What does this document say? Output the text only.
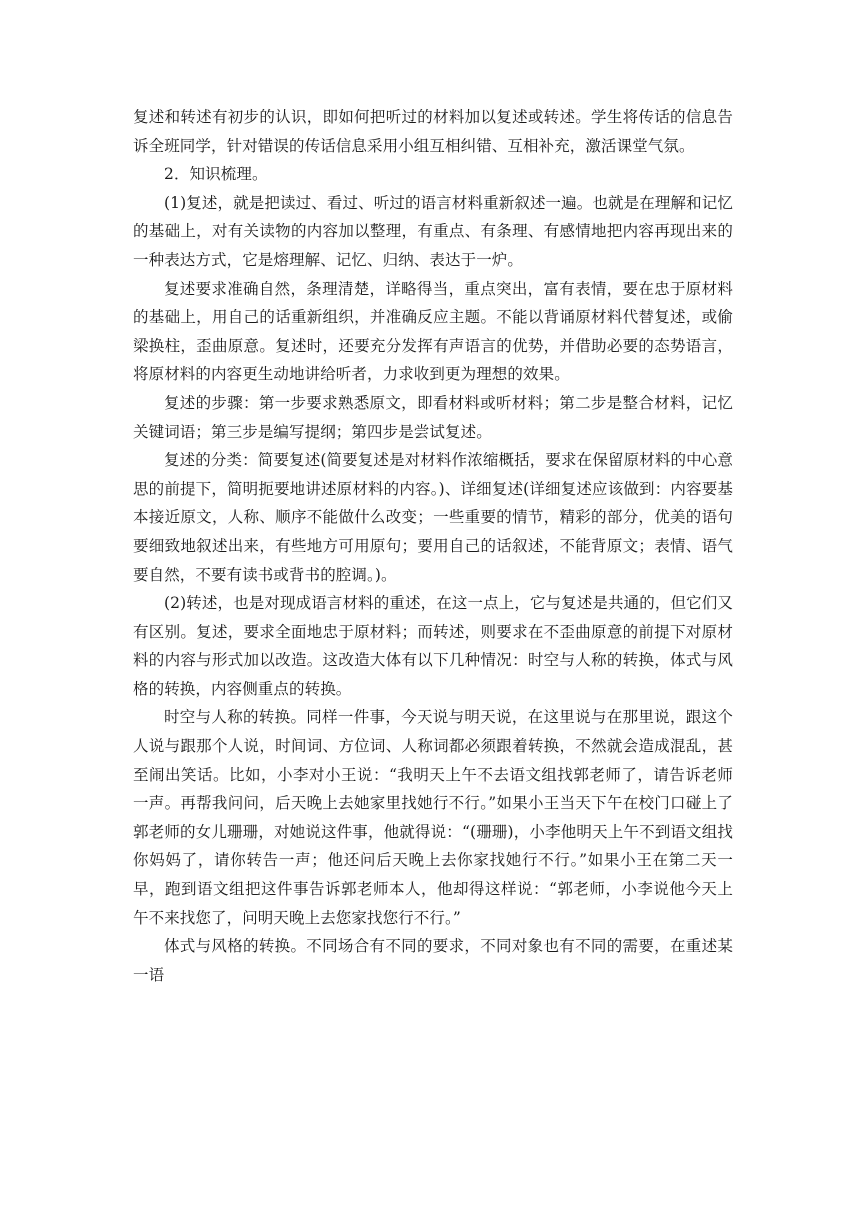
复述和转述有初步的认识，即如何把听过的材料加以复述或转述。学生将传话的信息告诉全班同学，针对错误的传话信息采用小组互相纠错、互相补充，激活课堂气氛。

2．知识梳理。

(1)复述，就是把读过、看过、听过的语言材料重新叙述一遍。也就是在理解和记忆的基础上，对有关读物的内容加以整理，有重点、有条理、有感情地把内容再现出来的一种表达方式，它是熔理解、记忆、归纳、表达于一炉。

复述要求准确自然，条理清楚，详略得当，重点突出，富有表情，要在忠于原材料的基础上，用自己的话重新组织，并准确反应主题。不能以背诵原材料代替复述，或偷梁换柱，歪曲原意。复述时，还要充分发挥有声语言的优势，并借助必要的态势语言，将原材料的内容更生动地讲给听者，力求收到更为理想的效果。

复述的步骤：第一步要求熟悉原文，即看材料或听材料；第二步是整合材料，记忆关键词语；第三步是编写提纲；第四步是尝试复述。

复述的分类：简要复述(简要复述是对材料作浓缩概括，要求在保留原材料的中心意思的前提下，简明扼要地讲述原材料的内容。)、详细复述(详细复述应该做到：内容要基本接近原文，人称、顺序不能做什么改变；一些重要的情节，精彩的部分，优美的语句要细致地叙述出来，有些地方可用原句；要用自己的话叙述，不能背原文；表情、语气要自然，不要有读书或背书的腔调。)。

(2)转述，也是对现成语言材料的重述，在这一点上，它与复述是共通的，但它们又有区别。复述，要求全面地忠于原材料；而转述，则要求在不歪曲原意的前提下对原材料的内容与形式加以改造。这改造大体有以下几种情况：时空与人称的转换，体式与风格的转换，内容侧重点的转换。

时空与人称的转换。同样一件事，今天说与明天说，在这里说与在那里说，跟这个人说与跟那个人说，时间词、方位词、人称词都必须跟着转换，不然就会造成混乱，甚至闹出笑话。比如，小李对小王说：“我明天上午不去语文组找郭老师了，请告诉老师一声。再帮我问问，后天晚上去她家里找她行不行。”如果小王当天下午在校门口碰上了郭老师的女儿珊珊，对她说这件事，他就得说：“(珊珊)，小李他明天上午不到语文组找你妈妈了，请你转告一声；他还问后天晚上去你家找她行不行。”如果小王在第二天一早，跑到语文组把这件事告诉郭老师本人，他却得这样说：“郭老师，小李说他今天上午不来找您了，问明天晚上去您家找您行不行。”

体式与风格的转换。不同场合有不同的要求，不同对象也有不同的需要，在重述某一语
